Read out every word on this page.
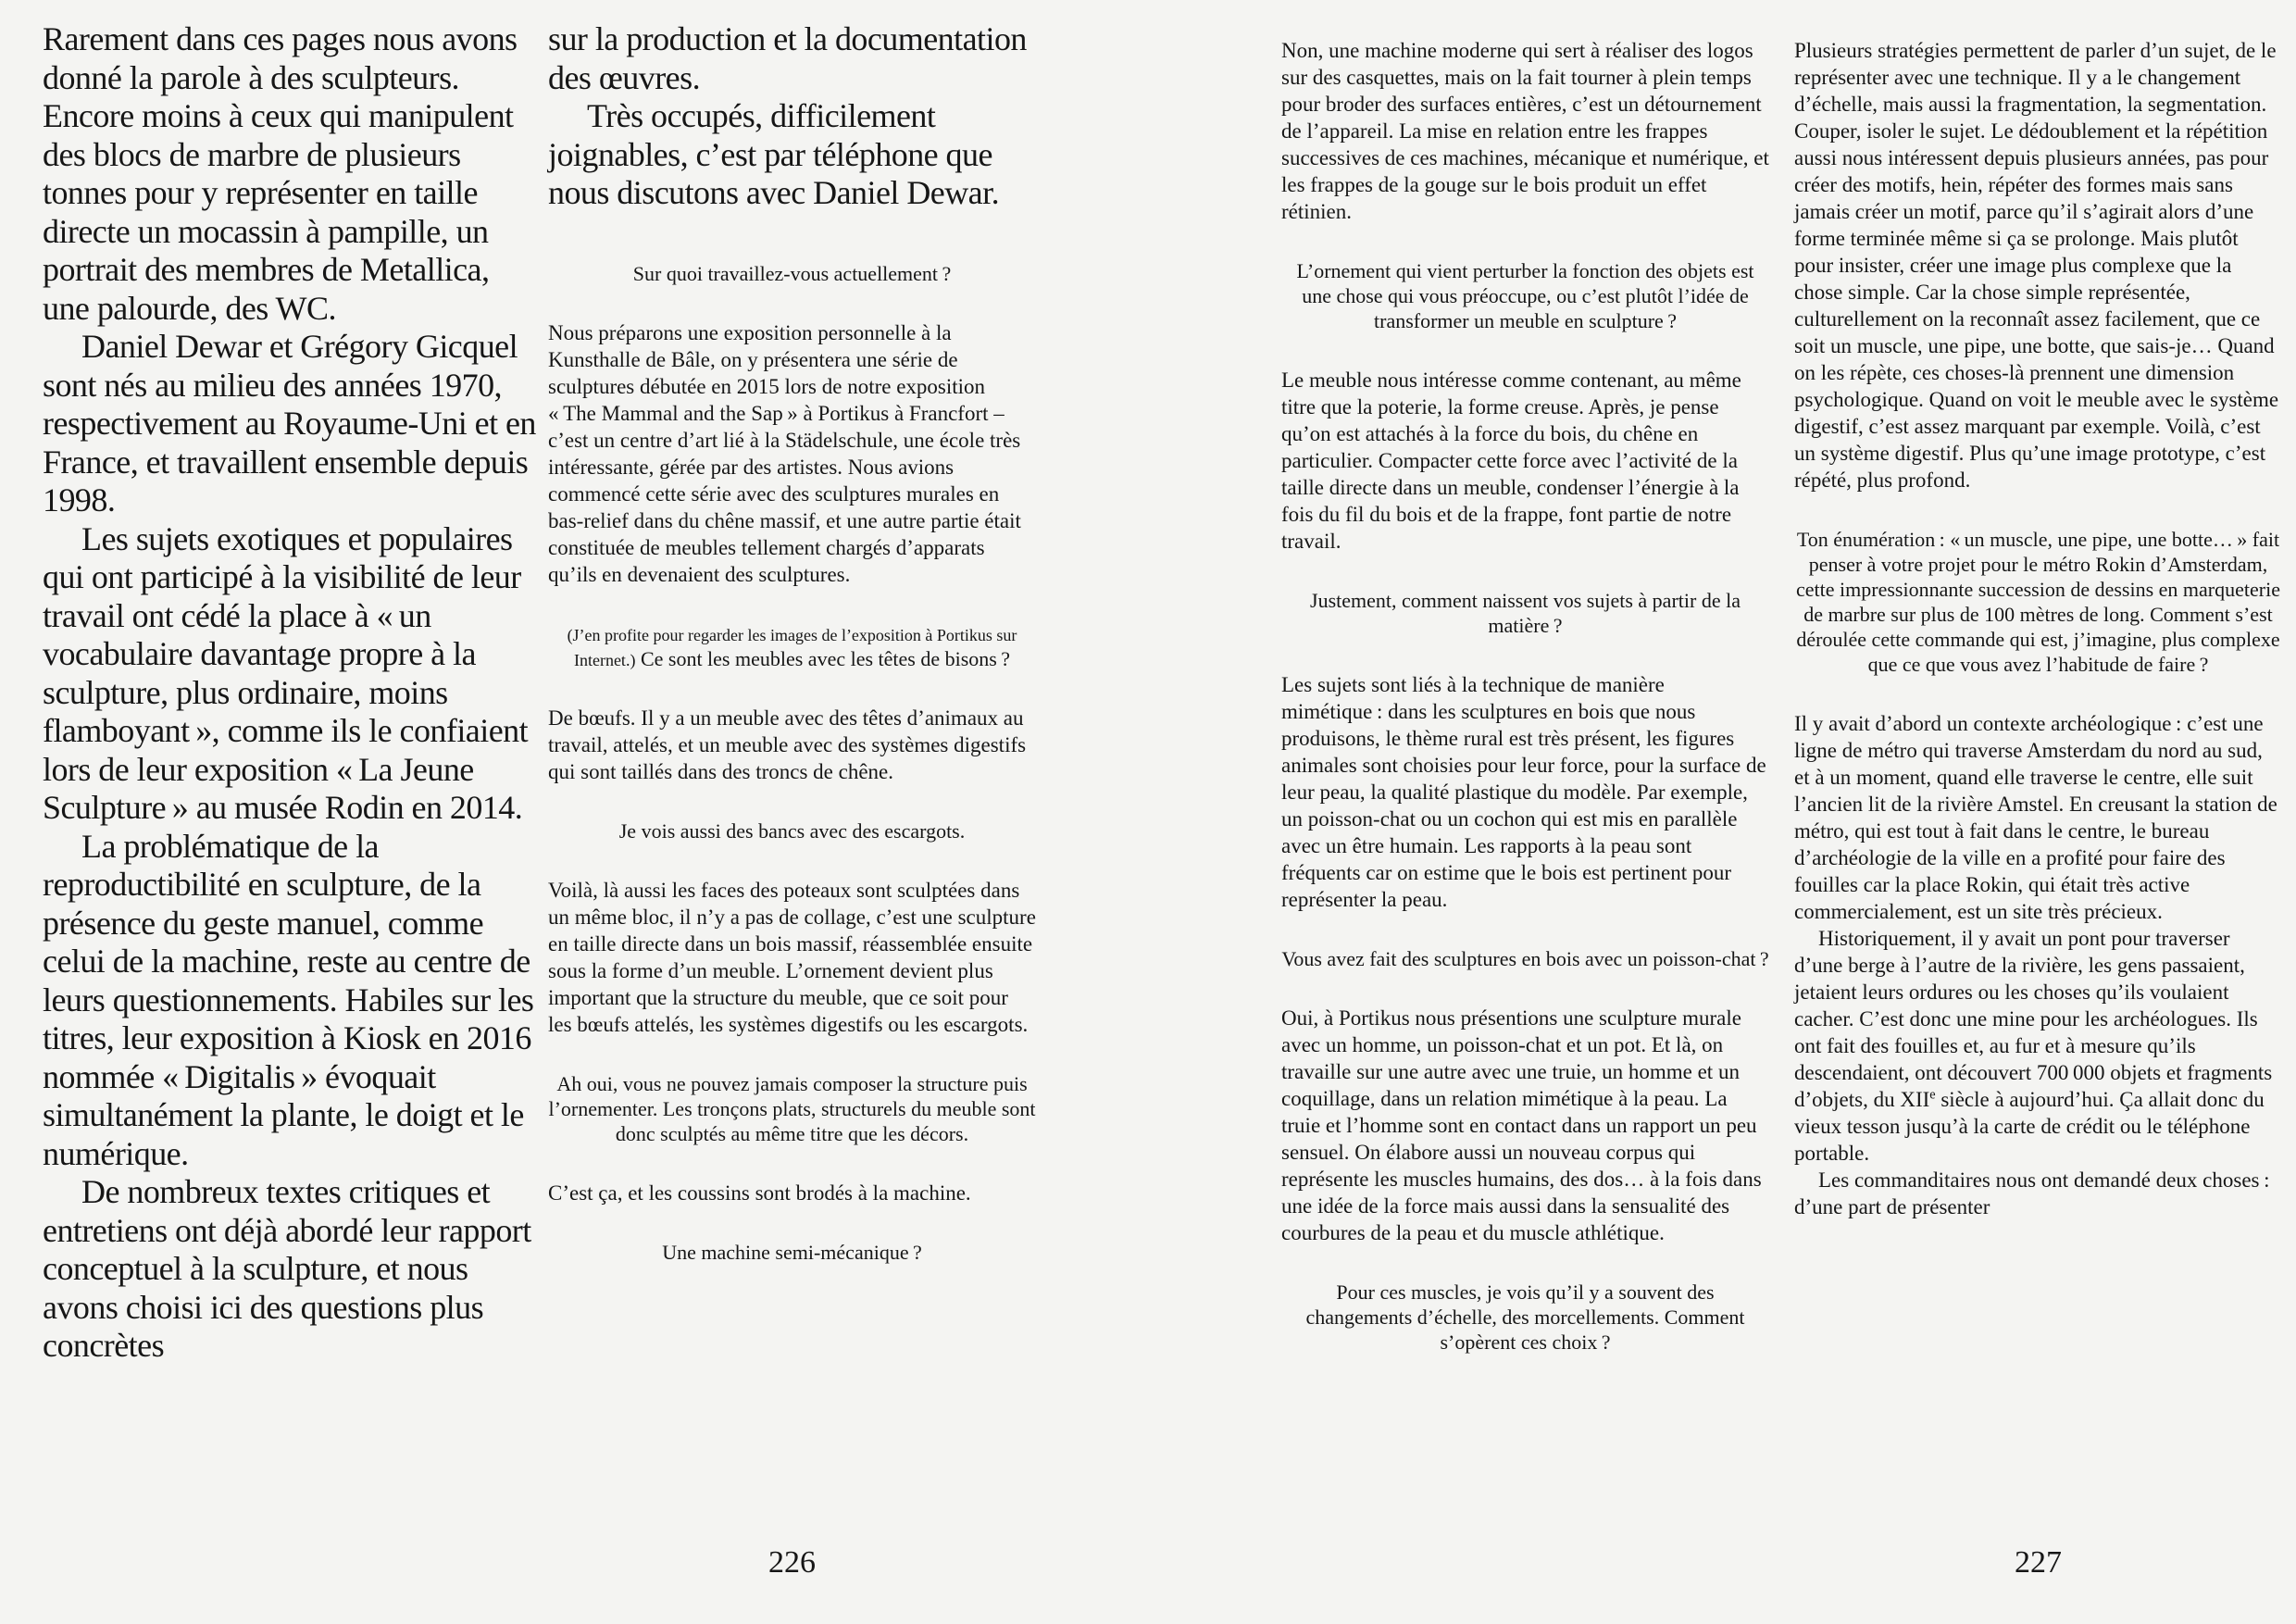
Rarement dans ces pages nous avons donné la parole à des sculpteurs. Encore moins à ceux qui manipulent des blocs de marbre de plusieurs tonnes pour y représenter en taille directe un mocassin à pampille, un portrait des membres de Metallica, une palourde, des WC.

Daniel Dewar et Grégory Gicquel sont nés au milieu des années 1970, respectivement au Royaume-Uni et en France, et travaillent ensemble depuis 1998.

Les sujets exotiques et populaires qui ont participé à la visibilité de leur travail ont cédé la place à « un vocabulaire davantage propre à la sculpture, plus ordinaire, moins flamboyant », comme ils le confiaient lors de leur exposition « La Jeune Sculpture » au musée Rodin en 2014.

La problématique de la reproductibilité en sculpture, de la présence du geste manuel, comme celui de la machine, reste au centre de leurs questionnements. Habiles sur les titres, leur exposition à Kiosk en 2016 nommée « Digitalis » évoquait simultanément la plante, le doigt et le numérique.

De nombreux textes critiques et entretiens ont déjà abordé leur rapport conceptuel à la sculpture, et nous avons choisi ici des questions plus concrètes

sur la production et la documentation des œuvres.

Très occupés, difficilement joignables, c’est par téléphone que nous discutons avec Daniel Dewar.

Sur quoi travaillez-vous actuellement ?

Nous préparons une exposition personnelle à la Kunsthalle de Bâle, on y présentera une série de sculptures débutée en 2015 lors de notre exposition « The Mammal and the Sap » à Portikus à Francfort – c’est un centre d’art lié à la Städelschule, une école très intéressante, gérée par des artistes. Nous avions commencé cette série avec des sculptures murales en bas-relief dans du chêne massif, et une autre partie était constituée de meubles tellement chargés d’apparats qu’ils en devenaient des sculptures.

(J’en profite pour regarder les images de l’exposition à Portikus sur Internet.) Ce sont les meubles avec les têtes de bisons ?

De bœufs. Il y a un meuble avec des têtes d’animaux au travail, attelés, et un meuble avec des systèmes digestifs qui sont taillés dans des troncs de chêne.

Je vois aussi des bancs avec des escargots.

Voilà, là aussi les faces des poteaux sont sculptées dans un même bloc, il n’y a pas de collage, c’est une sculpture en taille directe dans un bois massif, réassemblée ensuite sous la forme d’un meuble. L’ornement devient plus important que la structure du meuble, que ce soit pour les bœufs attelés, les systèmes digestifs ou les escargots.

Ah oui, vous ne pouvez jamais composer la structure puis l’ornementer. Les tronçons plats, structurels du meuble sont donc sculptés au même titre que les décors.

C’est ça, et les coussins sont brodés à la machine.

Une machine semi-mécanique ?

Non, une machine moderne qui sert à réaliser des logos sur des casquettes, mais on la fait tourner à plein temps pour broder des surfaces entières, c’est un détournement de l’appareil. La mise en relation entre les frappes successives de ces machines, mécanique et numérique, et les frappes de la gouge sur le bois produit un effet rétinien.

L’ornement qui vient perturber la fonction des objets est une chose qui vous préoccupe, ou c’est plutôt l’idée de transformer un meuble en sculpture ?

Le meuble nous intéresse comme contenant, au même titre que la poterie, la forme creuse. Après, je pense qu’on est attachés à la force du bois, du chêne en particulier. Compacter cette force avec l’activité de la taille directe dans un meuble, condenser l’énergie à la fois du fil du bois et de la frappe, font partie de notre travail.

Justement, comment naissent vos sujets à partir de la matière ?

Les sujets sont liés à la technique de manière mimétique : dans les sculptures en bois que nous produisons, le thème rural est très présent, les figures animales sont choisies pour leur force, pour la surface de leur peau, la qualité plastique du modèle. Par exemple, un poisson-chat ou un cochon qui est mis en parallèle avec un être humain. Les rapports à la peau sont fréquents car on estime que le bois est pertinent pour représenter la peau.

Vous avez fait des sculptures en bois avec un poisson-chat ?

Oui, à Portikus nous présentions une sculpture murale avec un homme, un poisson-chat et un pot. Et là, on travaille sur une autre avec une truie, un homme et un coquillage, dans un relation mimétique à la peau. La truie et l’homme sont en contact dans un rapport un peu sensuel. On élabore aussi un nouveau corpus qui représente les muscles humains, des dos… à la fois dans une idée de la force mais aussi dans la sensualité des courbures de la peau et du muscle athlétique.

Pour ces muscles, je vois qu’il y a souvent des changements d’échelle, des morcellements. Comment s’opèrent ces choix ?

Plusieurs stratégies permettent de parler d’un sujet, de le représenter avec une technique. Il y a le changement d’échelle, mais aussi la fragmentation, la segmentation. Couper, isoler le sujet. Le dédoublement et la répétition aussi nous intéressent depuis plusieurs années, pas pour créer des motifs, hein, répéter des formes mais sans jamais créer un motif, parce qu’il s’agirait alors d’une forme terminée même si ça se prolonge. Mais plutôt pour insister, créer une image plus complexe que la chose simple. Car la chose simple représentée, culturellement on la reconnaît assez facilement, que ce soit un muscle, une pipe, une botte, que sais-je… Quand on les répète, ces choses-là prennent une dimension psychologique. Quand on voit le meuble avec le système digestif, c’est assez marquant par exemple. Voilà, c’est un système digestif. Plus qu’une image prototype, c’est répété, plus profond.

Ton énumération : « un muscle, une pipe, une botte… » fait penser à votre projet pour le métro Rokin d’Amsterdam, cette impressionnante succession de dessins en marqueterie de marbre sur plus de 100 mètres de long. Comment s’est déroulée cette commande qui est, j’imagine, plus complexe que ce que vous avez l’habitude de faire ?

Il y avait d’abord un contexte archéologique : c’est une ligne de métro qui traverse Amsterdam du nord au sud, et à un moment, quand elle traverse le centre, elle suit l’ancien lit de la rivière Amstel. En creusant la station de métro, qui est tout à fait dans le centre, le bureau d’archéologie de la ville en a profité pour faire des fouilles car la place Rokin, qui était très active commercialement, est un site très précieux.

Historiquement, il y avait un pont pour traverser d’une berge à l’autre de la rivière, les gens passaient, jetaient leurs ordures ou les choses qu’ils voulaient cacher. C’est donc une mine pour les archéologues. Ils ont fait des fouilles et, au fur et à mesure qu’ils descendaient, ont découvert 700 000 objets et fragments d’objets, du XIIe siècle à aujourd’hui. Ça allait donc du vieux tesson jusqu’à la carte de crédit ou le téléphone portable.

Les commanditaires nous ont demandé deux choses : d’une part de présenter

226	227
